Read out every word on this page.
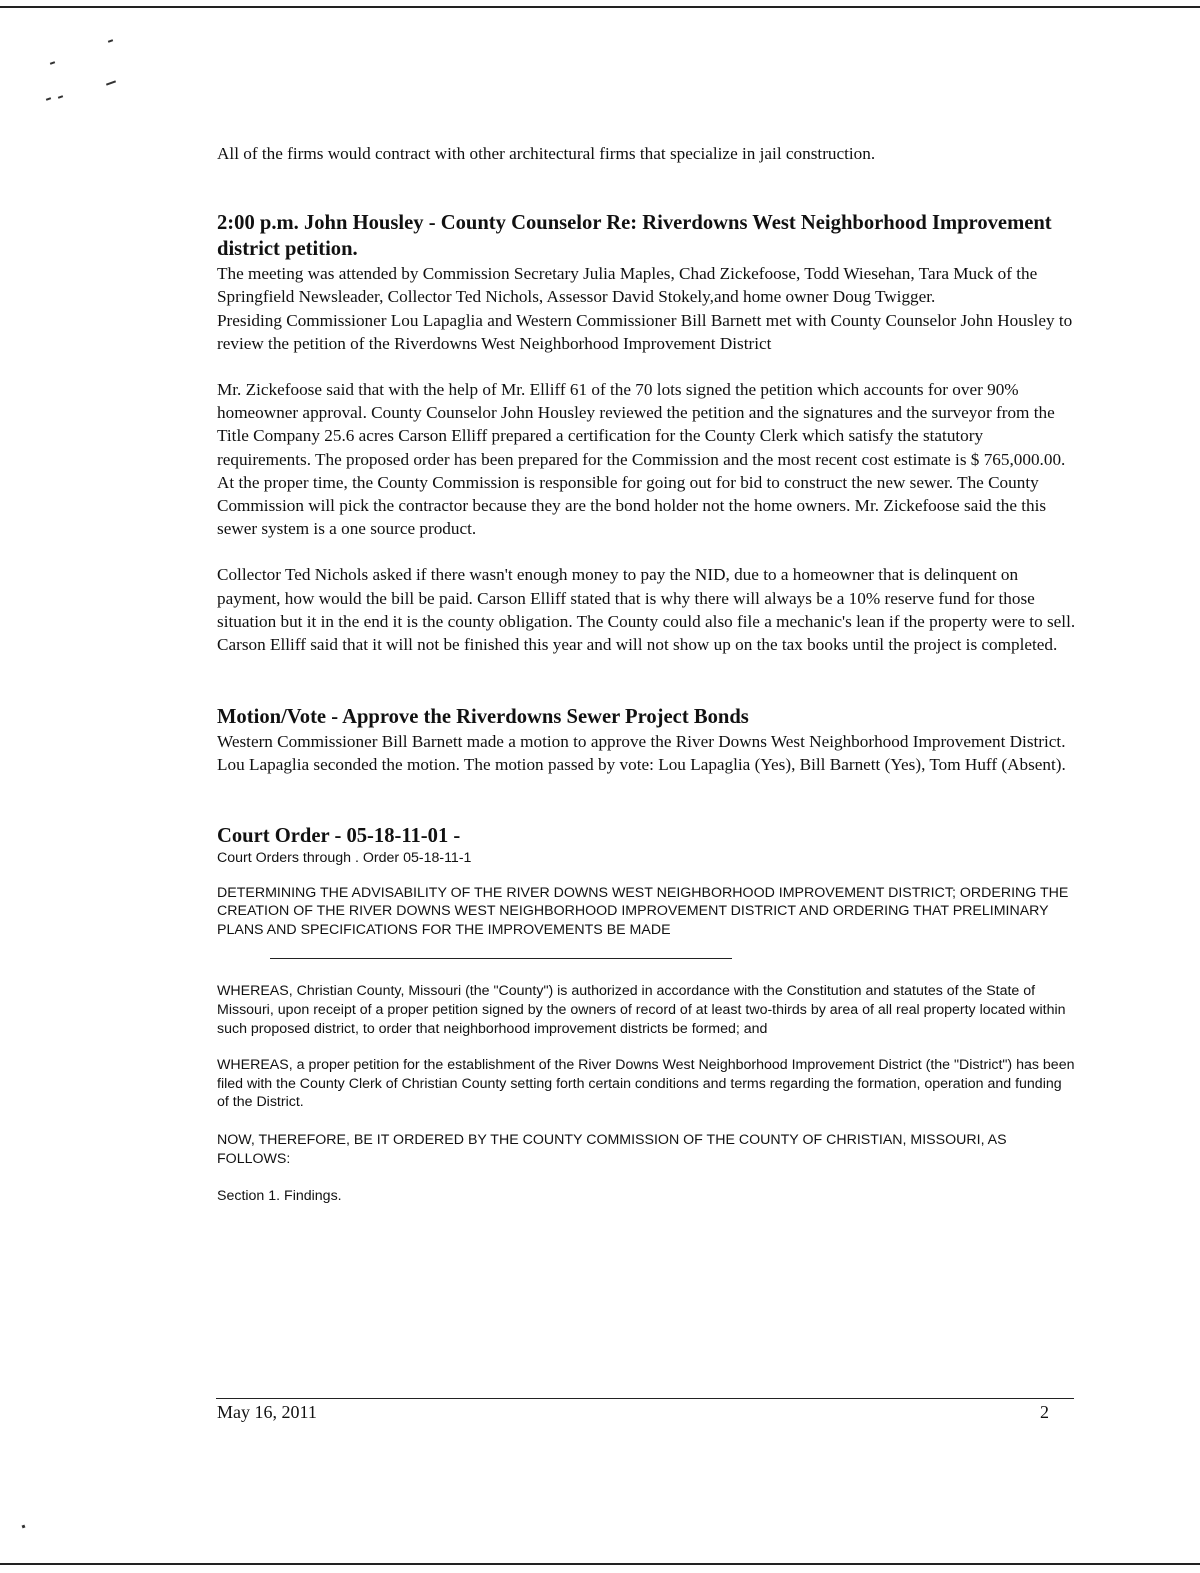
All of the firms would contract with other architectural firms that specialize in jail construction.

2:00 p.m. John Housley - County Counselor Re: Riverdowns West Neighborhood Improvement district petition.

The meeting was attended by Commission Secretary Julia Maples, Chad Zickefoose, Todd Wiesehan, Tara Muck of the Springfield Newsleader, Collector Ted Nichols, Assessor David Stokely,and home owner Doug Twigger.

Presiding Commissioner Lou Lapaglia and Western Commissioner Bill Barnett met with County Counselor John Housley to review the petition of the Riverdowns West Neighborhood Improvement District

Mr. Zickefoose said that with the help of Mr. Elliff 61 of the 70 lots signed the petition which accounts for over 90% homeowner approval. County Counselor John Housley reviewed the petition and the signatures and the surveyor from the Title Company 25.6 acres Carson Elliff prepared a certification for the County Clerk which satisfy the statutory requirements. The proposed order has been prepared for the Commission and the most recent cost estimate is $ 765,000.00. At the proper time, the County Commission is responsible for going out for bid to construct the new sewer. The County Commission will pick the contractor because they are the bond holder not the home owners. Mr. Zickefoose said the this sewer system is a one source product.

Collector Ted Nichols asked if there wasn't enough money to pay the NID, due to a homeowner that is delinquent on payment, how would the bill be paid. Carson Elliff stated that is why there will always be a 10% reserve fund for those situation but it in the end it is the county obligation. The County could also file a mechanic's lean if the property were to sell.

Carson Elliff said that it will not be finished this year and will not show up on the tax books until the project is completed.

Motion/Vote - Approve the Riverdowns Sewer Project Bonds

Western Commissioner Bill Barnett made a motion to approve the River Downs West Neighborhood Improvement District. Lou Lapaglia seconded the motion. The motion passed by vote: Lou Lapaglia (Yes), Bill Barnett (Yes), Tom Huff (Absent).

Court Order - 05-18-11-01 -

Court Orders through . Order 05-18-11-1

DETERMINING THE ADVISABILITY OF THE RIVER DOWNS WEST NEIGHBORHOOD IMPROVEMENT DISTRICT; ORDERING THE CREATION OF THE RIVER DOWNS WEST NEIGHBORHOOD IMPROVEMENT DISTRICT AND ORDERING THAT PRELIMINARY PLANS AND SPECIFICATIONS FOR THE IMPROVEMENTS BE MADE

WHEREAS, Christian County, Missouri (the "County") is authorized in accordance with the Constitution and statutes of the State of Missouri, upon receipt of a proper petition signed by the owners of record of at least two-thirds by area of all real property located within such proposed district, to order that neighborhood improvement districts be formed; and

WHEREAS, a proper petition for the establishment of the River Downs West Neighborhood Improvement District (the "District") has been filed with the County Clerk of Christian County setting forth certain conditions and terms regarding the formation, operation and funding of the District.

NOW, THEREFORE, BE IT ORDERED BY THE COUNTY COMMISSION OF THE COUNTY OF CHRISTIAN, MISSOURI, AS FOLLOWS:

Section 1. Findings.

May 16, 2011	2
